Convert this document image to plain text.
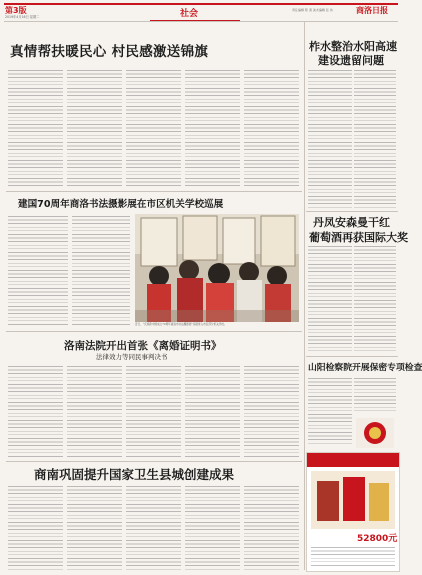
第3版
2019年4月16日 星期二	社会	责任编辑 陈 清 美术编辑 张 伟	商洛日报
真情帮扶暖民心 村民感激送锦旗	柞水整治水阳高速
建设遗留问题
建国70周年商洛书法摄影展在市区机关学校巡展
近日，“庆祝新中国成立70周年商洛市书法摄影展”巡展进入市区部分机关学校。
丹凤安森曼干红
葡萄酒再获国际大奖
洛南法院开出首张《离婚证明书》
法律效力等同民事判决书
山阳检察院开展保密专项检查
商南巩固提升国家卫生县城创建成果
52800元
